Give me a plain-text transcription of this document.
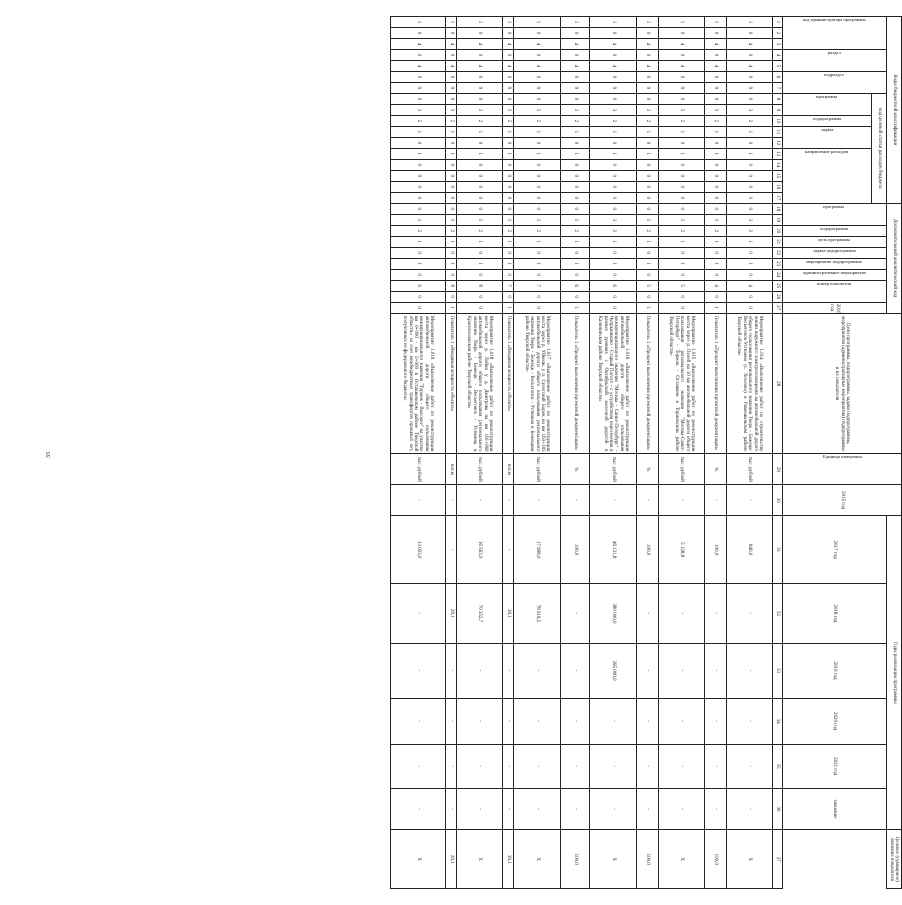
33
Коды бюджетной классификации																	Дополнительный аналитический код										Цели программы, подпрограммы, задачи подпрограммы, мероприятия (административные мероприятия) подпрограммы и их показатели	Единица измерения	2015 год	Годы реализации программы						Целевое (суммарное) значение показателя

код администратора программы			раздел		подраздел		код целевой статьи расходов бюджета										программа		подпрограмма	цель программы	задача подпрограммы	мероприятие подпрограммы	административное мероприятие	номер показателя		2016 год				2017 год	2018 год	2019 год	2020 год	2021 год	значение	

							программа		подпрограмма	задача		направление расходов																								

1	2	3	4	5	6	7	8	9	10	11	12	13	14	15	16	17	18	19	20	21	22	23	24	25	26	27	28	29	30	31	32	33	34	35	36	37
1	0	4	0	4	0	9	0	3	2	1	0	1	0	0	0	0	0	3	2	1	0	1	0	4	0	0	Мероприятие 1.014 «Выполнение работ по строительству линии наружного электроосвещения на автомобильной дороге общего пользования регионального значения Тверь - Бежецк-Весьегонск-Устюжна (с. Хохлово) в Рамешковском районе Тверской области»	тыс. рублей	-	840,0	-	-	-	-	-	Х
1	0	4	0	4	0	9	0	3	2	1	0	1	0	0	0	0	0	3	2	1	0	1	0	4	0	1	Показатель 1 «Процент выполнения проектной документации»	%	-	100,0	-	-	-	-	-	100,0
1	0	4	0	4	0	9	0	3	2	1	0	1	0	0	0	0	0	3	2	1	0	1	0	5	0	0	Мероприятие 1.015 «Выполнение работ по реконструкции моста через р. Пелей на 10 км автомобильной дороги общего пользования регионального значения "Москва-Санкт-Петербург" - Торжок - Осташков в Торжокском районе Тверской области»	тыс. рублей	-	5 128,8	-	-	-	-	-	Х
1	0	4	0	4	0	9	0	3	2	1	0	1	0	0	0	0	0	3	2	1	0	1	0	5	0	1	Показатель 1 «Процент выполнения проектной документации»	%	-	100,0	-	-	-	-	-	100,0
1	0	4	0	4	0	9	0	3	2	1	0	1	0	0	0	0	0	3	2	1	0	1	0	6	0	0	Мероприятие 1.016 «Выполнение работ по реконструкции автомобильной дороги общего пользования межмуниципального значения "Москва - Санкт-Петербург" - Чупрыниково - Старый Погост - с устройством пересечения в разных уровнях с Октябрьской железной дорогой в Калининском районе Тверской области»	тыс. рублей	-	46 131,8	380 000,0	395 000,0	-	-	-	Х
1	0	4	0	4	0	9	0	3	2	1	0	1	0	0	0	0	0	3	2	1	0	1	0	6	0	1	Показатель 1 «Процент выполнения проектной документации»	%	-	100,0	-	-	-	-	-	100,0
1	0	4	0	4	0	9	0	3	2	1	0	1	0	0	0	0	0	3	2	1	0	1	0	7	0	0	Мероприятие 1.017 «Выполнение работ по реконструкции моста через р. Уйвешь у п. Сулегский Борок на км 163+183 автомобильной дороги общего пользования регионального значения Тверь - Бежецк - Весьегонск - Устюжна в Бежецком районе Тверской области»	тыс. рублей	-	17 998,0	78 019,5	-	-	-	-	Х
1	0	4	0	4	0	9	0	3	2	1	0	1	0	0	0	0	0	3	2	1	0	1	0	7	0	1	Показатель 1 «Вводимая мощность объекта»	пог.м	-	-	39,1	-	-	-	-	39,1
1	0	4	0	4	0	9	0	3	2	1	0	1	0	0	0	0	0	3	2	1	0	1	0	8	0	0	Мероприятие 1.018 «Выполнение работ по реконструкции моста через р. Лойня у д. Дмитрова на км 191+069 автомобильной дороги общего пользования регионального значения Тверь - Бежецк - Весьегонск - Устюжна в Краснохолмском районе Тверской области»	тыс. рублей	-	16 563,0	70 352,7	-	-	-	-	Х
1	0	4	0	4	0	9	0	3	2	1	0	1	0	0	0	0	0	3	2	1	0	1	0	8	0	1	Показатель 1 «Вводимая мощность объекта»	пог.м	-	-	29,1	-	-	-	-	29,1
1	0	4	0	4	0	9	0	3	2	1	0	1	0	0	0	0	0	3	2	1	0	1	0	9	0	0	Мероприятие 1.019 «Выполнение работ по реконструкции автомобильной дороги общего пользования межмуниципального значения "Торжок - Высокое" на участке км 0+000 - км 5+000 в Осташковском районе Тверской области» за счет межбюджетных трансфертов прошлых лет, полученных из федерального бюджета»	тыс. рублей	-	13 023,0	-	-	-	-	-	Х
